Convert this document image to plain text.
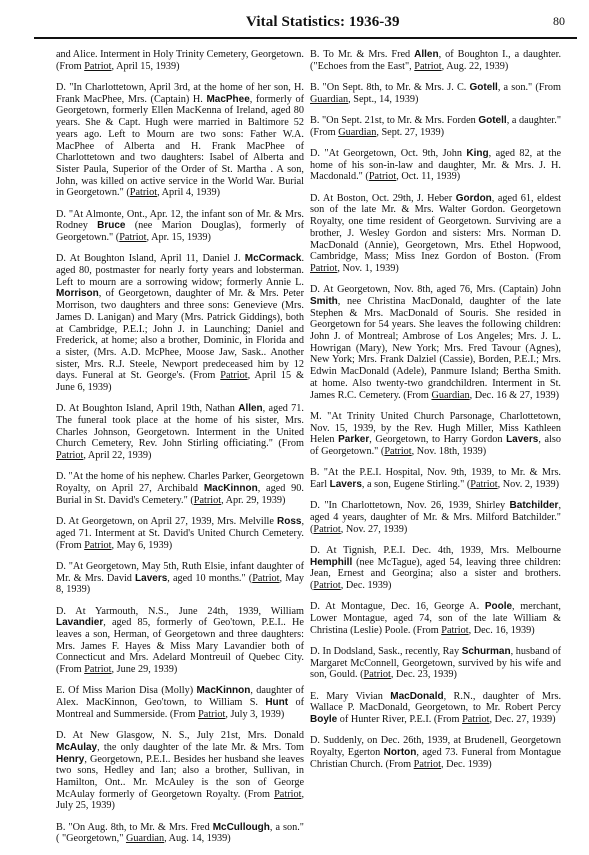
Vital Statistics: 1936-39	80

and Alice. Interment in Holy Trinity Cemetery, Georgetown. (From Patriot, April 15, 1939)

D. "In Charlottetown, April 3rd, at the home of her son, H. Frank MacPhee, Mrs. (Captain) H. MacPhee, formerly of Georgetown, formerly Ellen MacKenna of Ireland, aged 80 years. She & Capt. Hugh were married in Baltimore 52 years ago. Left to Mourn are two sons: Father W.A. MacPhee of Alberta and H. Frank MacPhee of Charlottetown and two daughters: Isabel of Alberta and Sister Paula, Superior of the Order of St. Martha . A son, John, was killed on active service in the World War. Burial in Georgetown." (Patriot, April 4, 1939)

D. "At Almonte, Ont., Apr. 12, the infant son of Mr. & Mrs. Rodney Bruce (nee Marion Douglas), formerly of Georgetown." (Patriot, Apr. 15, 1939)

D. At Boughton Island, April 11, Daniel J. McCormack. aged 80, postmaster for nearly forty years and lobsterman. Left to mourn are a sorrowing widow; formerly Annie L. Morrison, of Georgetown, daughter of Mr. & Mrs. Peter Morrison, two daughters and three sons: Genevieve (Mrs. James D. Lanigan) and Mary (Mrs. Patrick Giddings), both at Cambridge, P.E.I.; John J. in Launching; Daniel and Frederick, at home; also a brother, Dominic, in Florida and a sister, (Mrs. A.D. McPhee, Moose Jaw, Sask.. Another sister, Mrs. R.J. Steele, Newport predeceased him by 12 days. Funeral at St. George's. (From Patriot, April 15 & June 6, 1939)

D. At Boughton Island, April 19th, Nathan Allen, aged 71. The funeral took place at the home of his sister, Mrs. Charles Johnson, Georgetown. Interment in the United Church Cemetery, Rev. John Stirling officiating." (From Patriot, April 22, 1939)

D. "At the home of his nephew. Charles Parker, Georgetown Royalty, on April 27, Archibald MacKinnon, aged 90. Burial in St. David's Cemetery." (Patriot, Apr. 29, 1939)

D. At Georgetown, on April 27, 1939, Mrs. Melville Ross, aged 71. Interment at St. David's United Church Cemetery. (From Patriot, May 6, 1939)

D. "At Georgetown, May 5th, Ruth Elsie, infant daughter of Mr. & Mrs. David Lavers, aged 10 months." (Patriot, May 8, 1939)

D. At Yarmouth, N.S., June 24th, 1939, William Lavandier, aged 85, formerly of Geo'town, P.E.I.. He leaves a son, Herman, of Georgetown and three daughters: Mrs. James F. Hayes & Miss Mary Lavandier both of Connecticut and Mrs. Adelard Montreuil of Quebec City. (From Patriot, June 29, 1939)

E. Of Miss Marion Disa (Molly) MacKinnon, daughter of Alex. MacKinnon, Geo'town, to William S. Hunt of Montreal and Summerside. (From Patriot, July 3, 1939)

D. At New Glasgow, N. S., July 21st, Mrs. Donald McAulay, the only daughter of the late Mr. & Mrs. Tom Henry, Georgetown, P.E.I.. Besides her husband she leaves two sons, Hedley and Ian; also a brother, Sullivan, in Hamilton, Ont.. Mr. McAuley is the son of George McAulay formerly of Georgetown Royalty. (From Patriot, July 25, 1939)

B. "On Aug. 8th, to Mr. & Mrs. Fred McCullough, a son." ( "Georgetown," Guardian, Aug. 14, 1939)

B. To Mr. & Mrs. Fred Allen, of Boughton I., a daughter. ("Echoes from the East", Patriot, Aug. 22, 1939)

B. "On Sept. 8th, to Mr. & Mrs. J. C. Gotell, a son." (From Guardian, Sept., 14, 1939)

B. "On Sept. 21st, to Mr. & Mrs. Forden Gotell, a daughter." (From Guardian, Sept. 27, 1939)

D. "At Georgetown, Oct. 9th, John King, aged 82, at the home of his son-in-law and daughter, Mr. & Mrs. J. H. Macdonald." (Patriot, Oct. 11, 1939)

D. At Boston, Oct. 29th, J. Heber Gordon, aged 61, eldest son of the late Mr. & Mrs. Walter Gordon. Georgetown Royalty, one time resident of Georgetown. Surviving are a brother, J. Wesley Gordon and sisters: Mrs. Norman D. MacDonald (Annie), Georgetown, Mrs. Ethel Hopwood, Cambridge, Mass; Miss Inez Gordon of Boston. (From Patriot, Nov. 1, 1939)

D. At Georgetown, Nov. 8th, aged 76, Mrs. (Captain) John Smith, nee Christina MacDonald, daughter of the late Stephen & Mrs. MacDonald of Souris. She resided in Georgetown for 54 years. She leaves the following children: John J. of Montreal; Ambrose of Los Angeles; Mrs. J. L. Howrigan (Mary), New York; Mrs. Fred Tavour (Agnes), New York; Mrs. Frank Dalziel (Cassie), Borden, P.E.I.; Mrs. Edwin MacDonald (Adele), Panmure Island; Bertha Smith. at home. Also twenty-two grandchildren. Interment in St. James R.C. Cemetery. (From Guardian, Dec. 16 & 27, 1939)

M. "At Trinity United Church Parsonage, Charlottetown, Nov. 15, 1939, by the Rev. Hugh Miller, Miss Kathleen Helen Parker, Georgetown, to Harry Gordon Lavers, also of Georgetown." (Patriot, Nov. 18th, 1939)

B. "At the P.E.I. Hospital, Nov. 9th, 1939, to Mr. & Mrs. Earl Lavers, a son, Eugene Stirling." (Patriot, Nov. 2, 1939)

D. "In Charlottetown, Nov. 26, 1939, Shirley Batchilder, aged 4 years, daughter of Mr. & Mrs. Milford Batchilder." (Patriot, Nov. 27, 1939)

D. At Tignish, P.E.I. Dec. 4th, 1939, Mrs. Melbourne Hemphill (nee McTague), aged 54, leaving three children: Jean, Ernest and Georgina; also a sister and brothers. (Patriot, Dec. 1939)

D. At Montague, Dec. 16, George A. Poole, merchant, Lower Montague, aged 74, son of the late William & Christina (Leslie) Poole. (From Patriot, Dec. 16, 1939)

D. In Dodsland, Sask., recently, Ray Schurman, husband of Margaret McConnell, Georgetown, survived by his wife and son, Gould. (Patriot, Dec. 23, 1939)

E. Mary Vivian MacDonald, R.N., daughter of Mrs. Wallace P. MacDonald, Georgetown, to Mr. Robert Percy Boyle of Hunter River, P.E.I. (From Patriot, Dec. 27, 1939)

D. Suddenly, on Dec. 26th, 1939, at Brudenell, Georgetown Royalty, Egerton Norton, aged 73. Funeral from Montague Christian Church. (From Patriot, Dec. 1939)
